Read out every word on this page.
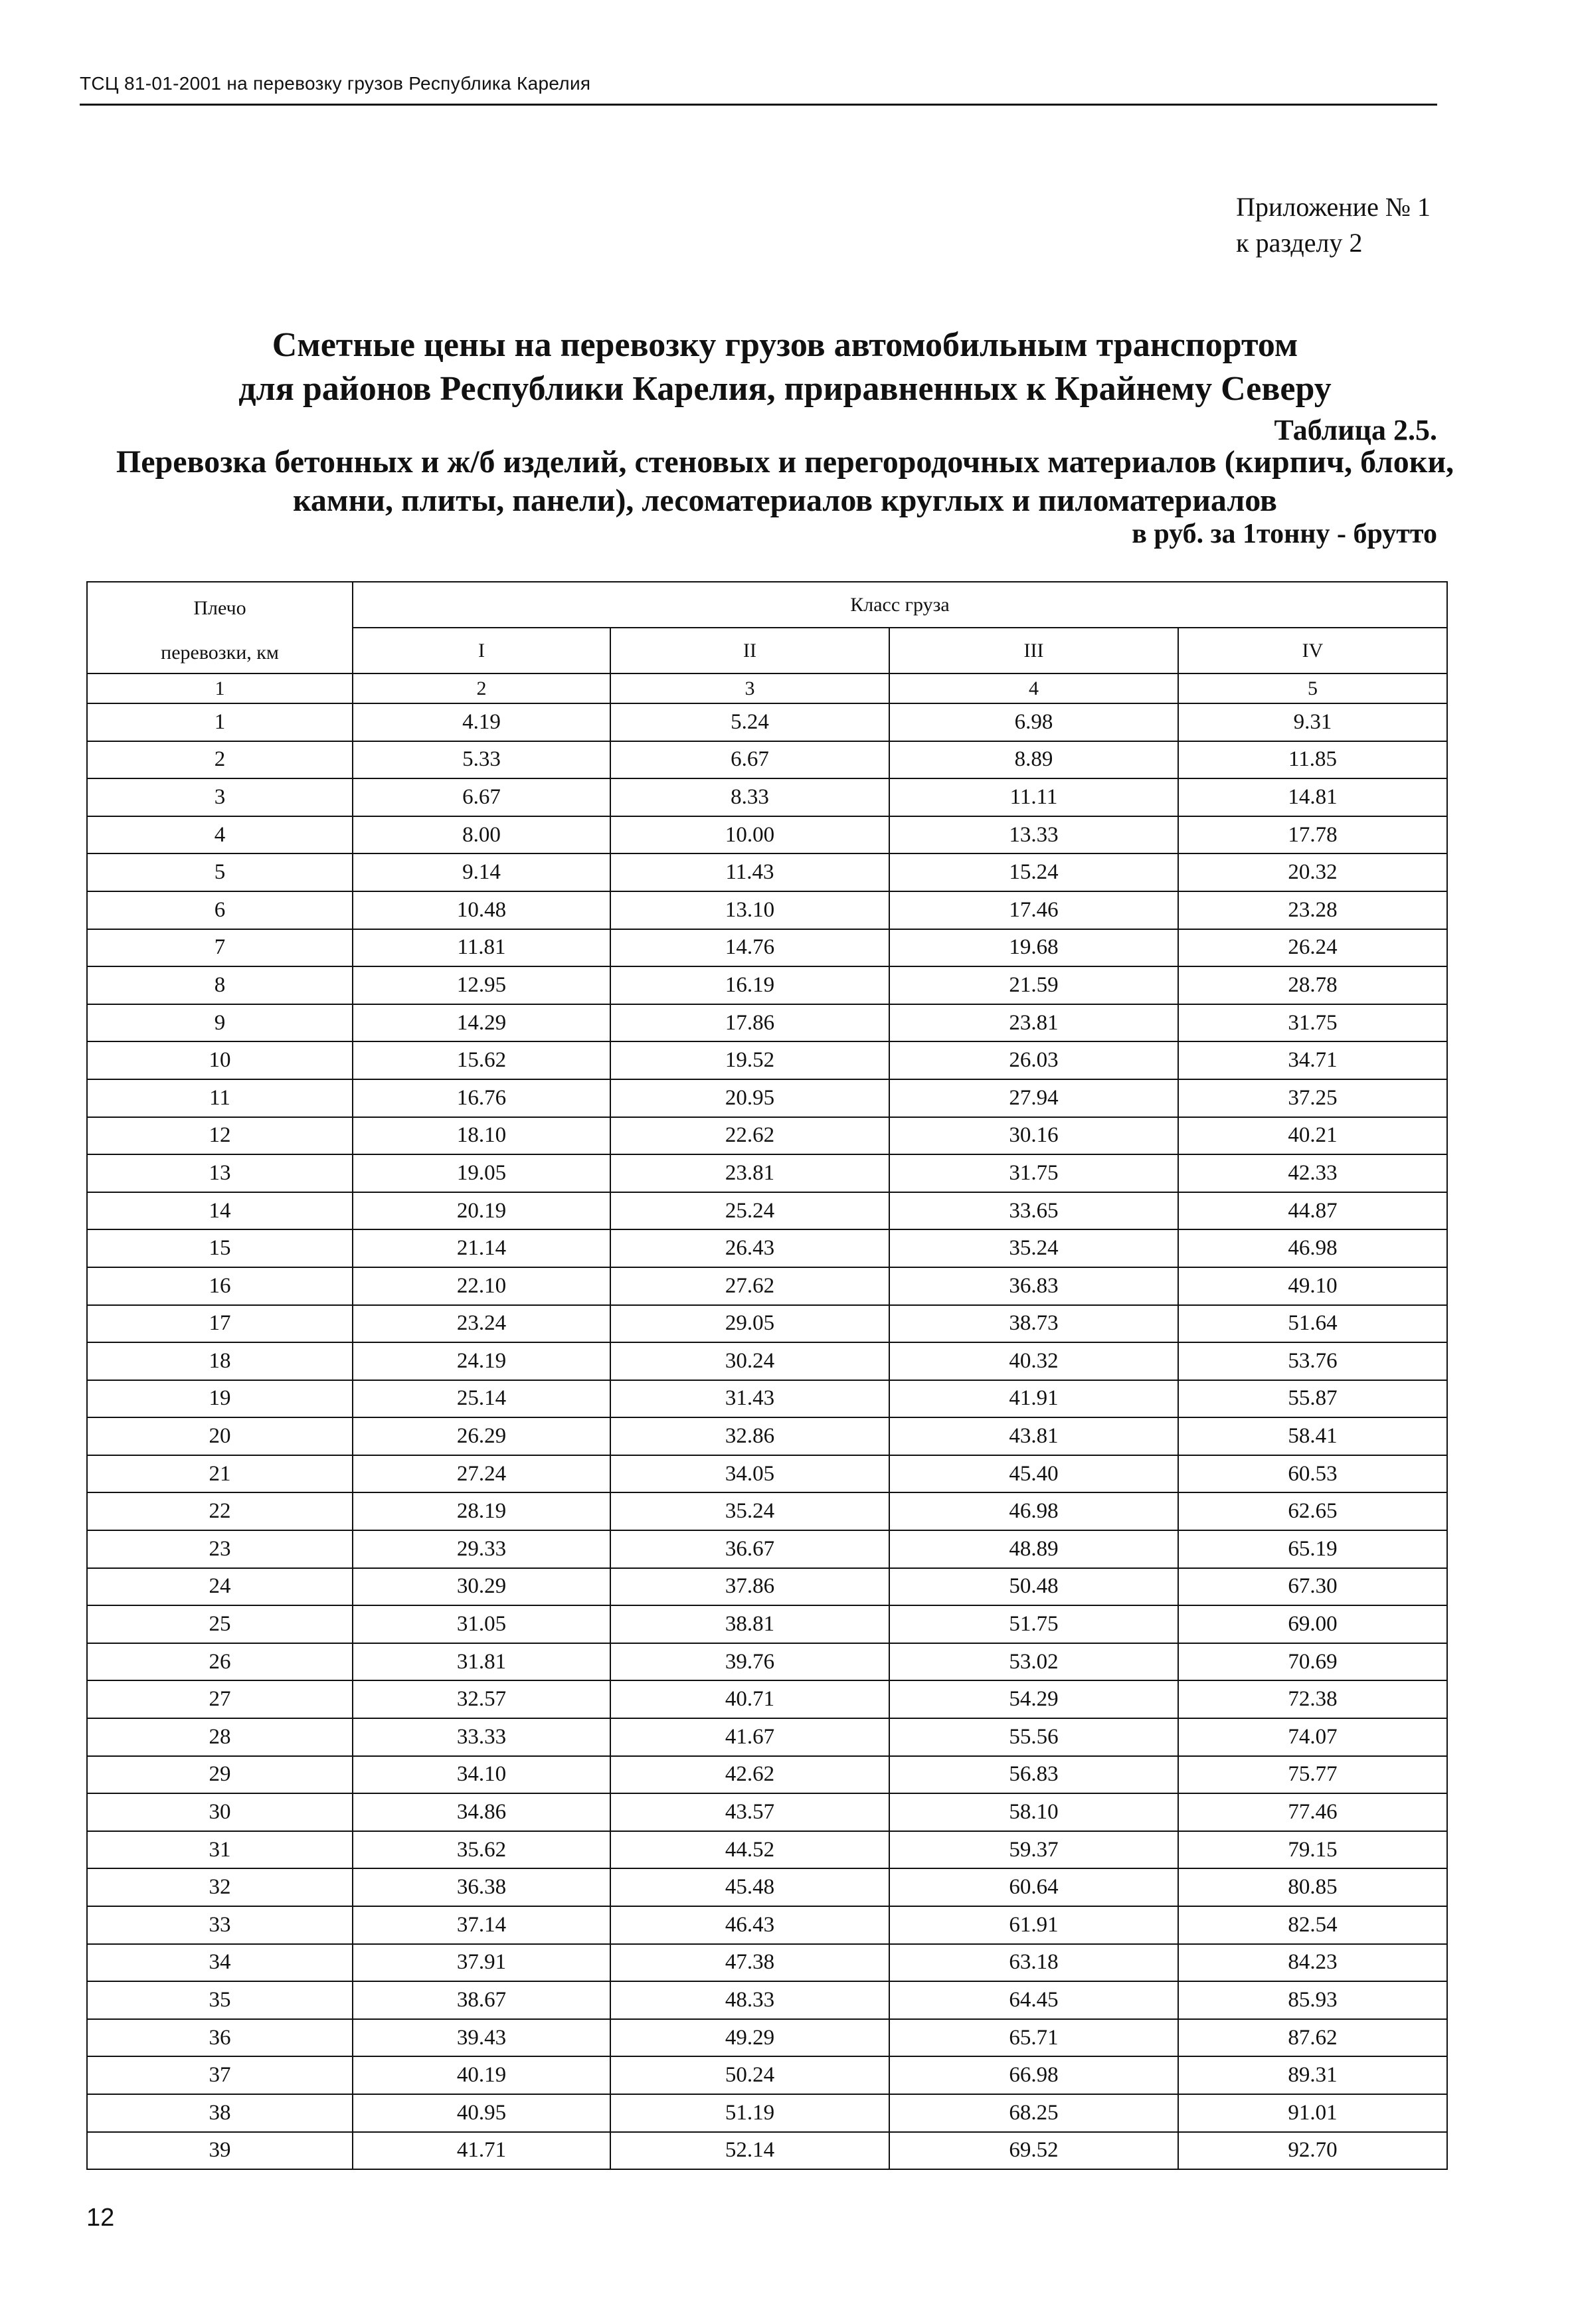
ТСЦ 81-01-2001 на перевозку грузов Республика Карелия
Приложение № 1
к разделу 2
Сметные цены на перевозку грузов автомобильным транспортом
для районов Республики Карелия, приравненных к Крайнему Северу
Таблица 2.5.
Перевозка бетонных и ж/б изделий, стеновых и перегородочных материалов (кирпич, блоки,
камни, плиты, панели), лесоматериалов круглых и пиломатериалов
в руб. за 1тонну - брутто
Плечо
перевозки, км	Класс груза			
	I	II	III	IV
1	2	3	4	5
1	4.19	5.24	6.98	9.31
2	5.33	6.67	8.89	11.85
3	6.67	8.33	11.11	14.81
4	8.00	10.00	13.33	17.78
5	9.14	11.43	15.24	20.32
6	10.48	13.10	17.46	23.28
7	11.81	14.76	19.68	26.24
8	12.95	16.19	21.59	28.78
9	14.29	17.86	23.81	31.75
10	15.62	19.52	26.03	34.71
11	16.76	20.95	27.94	37.25
12	18.10	22.62	30.16	40.21
13	19.05	23.81	31.75	42.33
14	20.19	25.24	33.65	44.87
15	21.14	26.43	35.24	46.98
16	22.10	27.62	36.83	49.10
17	23.24	29.05	38.73	51.64
18	24.19	30.24	40.32	53.76
19	25.14	31.43	41.91	55.87
20	26.29	32.86	43.81	58.41
21	27.24	34.05	45.40	60.53
22	28.19	35.24	46.98	62.65
23	29.33	36.67	48.89	65.19
24	30.29	37.86	50.48	67.30
25	31.05	38.81	51.75	69.00
26	31.81	39.76	53.02	70.69
27	32.57	40.71	54.29	72.38
28	33.33	41.67	55.56	74.07
29	34.10	42.62	56.83	75.77
30	34.86	43.57	58.10	77.46
31	35.62	44.52	59.37	79.15
32	36.38	45.48	60.64	80.85
33	37.14	46.43	61.91	82.54
34	37.91	47.38	63.18	84.23
35	38.67	48.33	64.45	85.93
36	39.43	49.29	65.71	87.62
37	40.19	50.24	66.98	89.31
38	40.95	51.19	68.25	91.01
39	41.71	52.14	69.52	92.70
12
